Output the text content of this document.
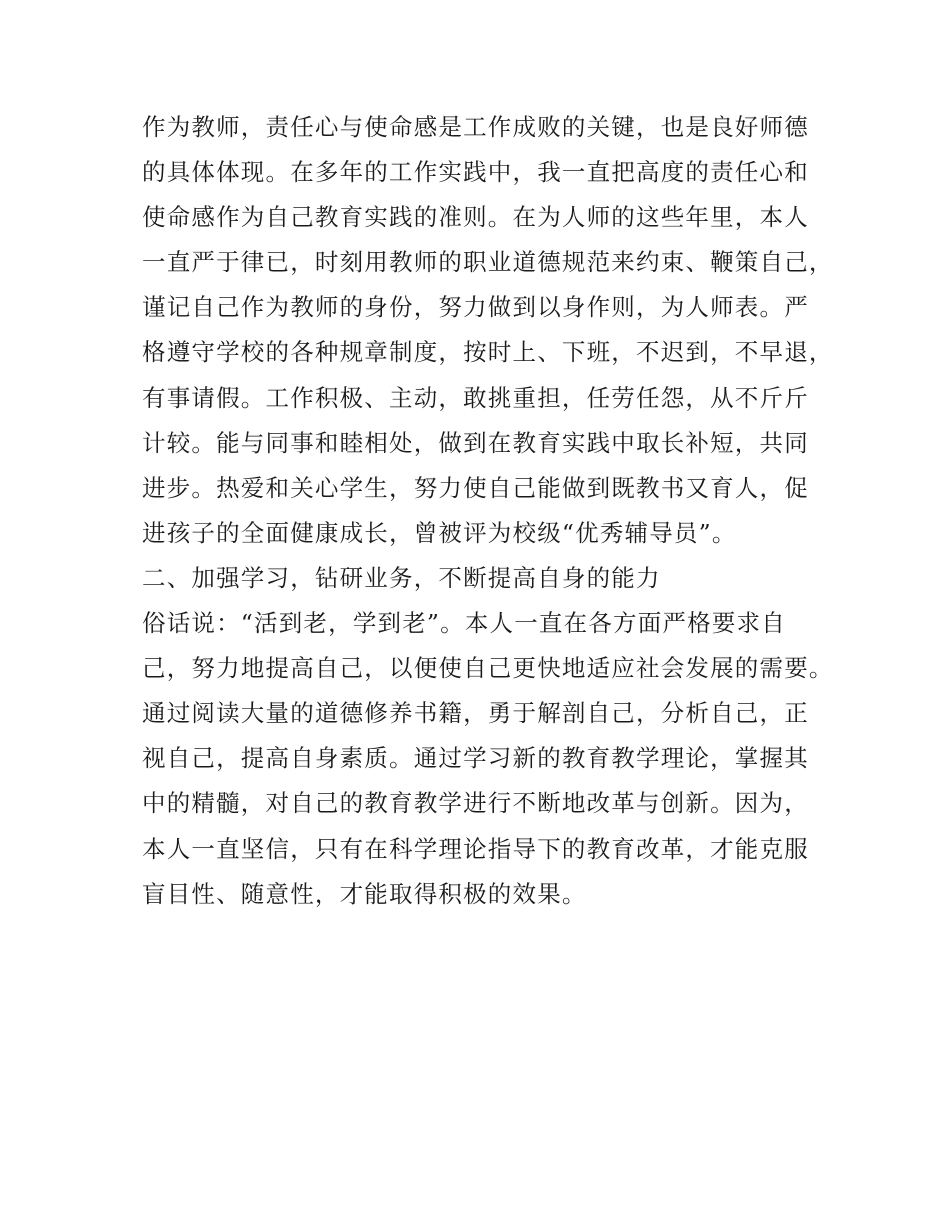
作为教师，责任心与使命感是工作成败的关键，也是良好师德
的具体体现。在多年的工作实践中，我一直把高度的责任心和
使命感作为自己教育实践的准则。在为人师的这些年里，本人
一直严于律已，时刻用教师的职业道德规范来约束、鞭策自己，
谨记自己作为教师的身份，努力做到以身作则，为人师表。严
格遵守学校的各种规章制度，按时上、下班，不迟到，不早退，
有事请假。工作积极、主动，敢挑重担，任劳任怨，从不斤斤
计较。能与同事和睦相处，做到在教育实践中取长补短，共同
进步。热爱和关心学生，努力使自己能做到既教书又育人，促
进孩子的全面健康成长，曾被评为校级“优秀辅导员”。
二、加强学习，钻研业务，不断提高自身的能力
俗话说：“活到老，学到老”。本人一直在各方面严格要求自
己，努力地提高自己，以便使自己更快地适应社会发展的需要。
通过阅读大量的道德修养书籍，勇于解剖自己，分析自己，正
视自己，提高自身素质。通过学习新的教育教学理论，掌握其
中的精髓，对自己的教育教学进行不断地改革与创新。因为，
本人一直坚信，只有在科学理论指导下的教育改革，才能克服
盲目性、随意性，才能取得积极的效果。
